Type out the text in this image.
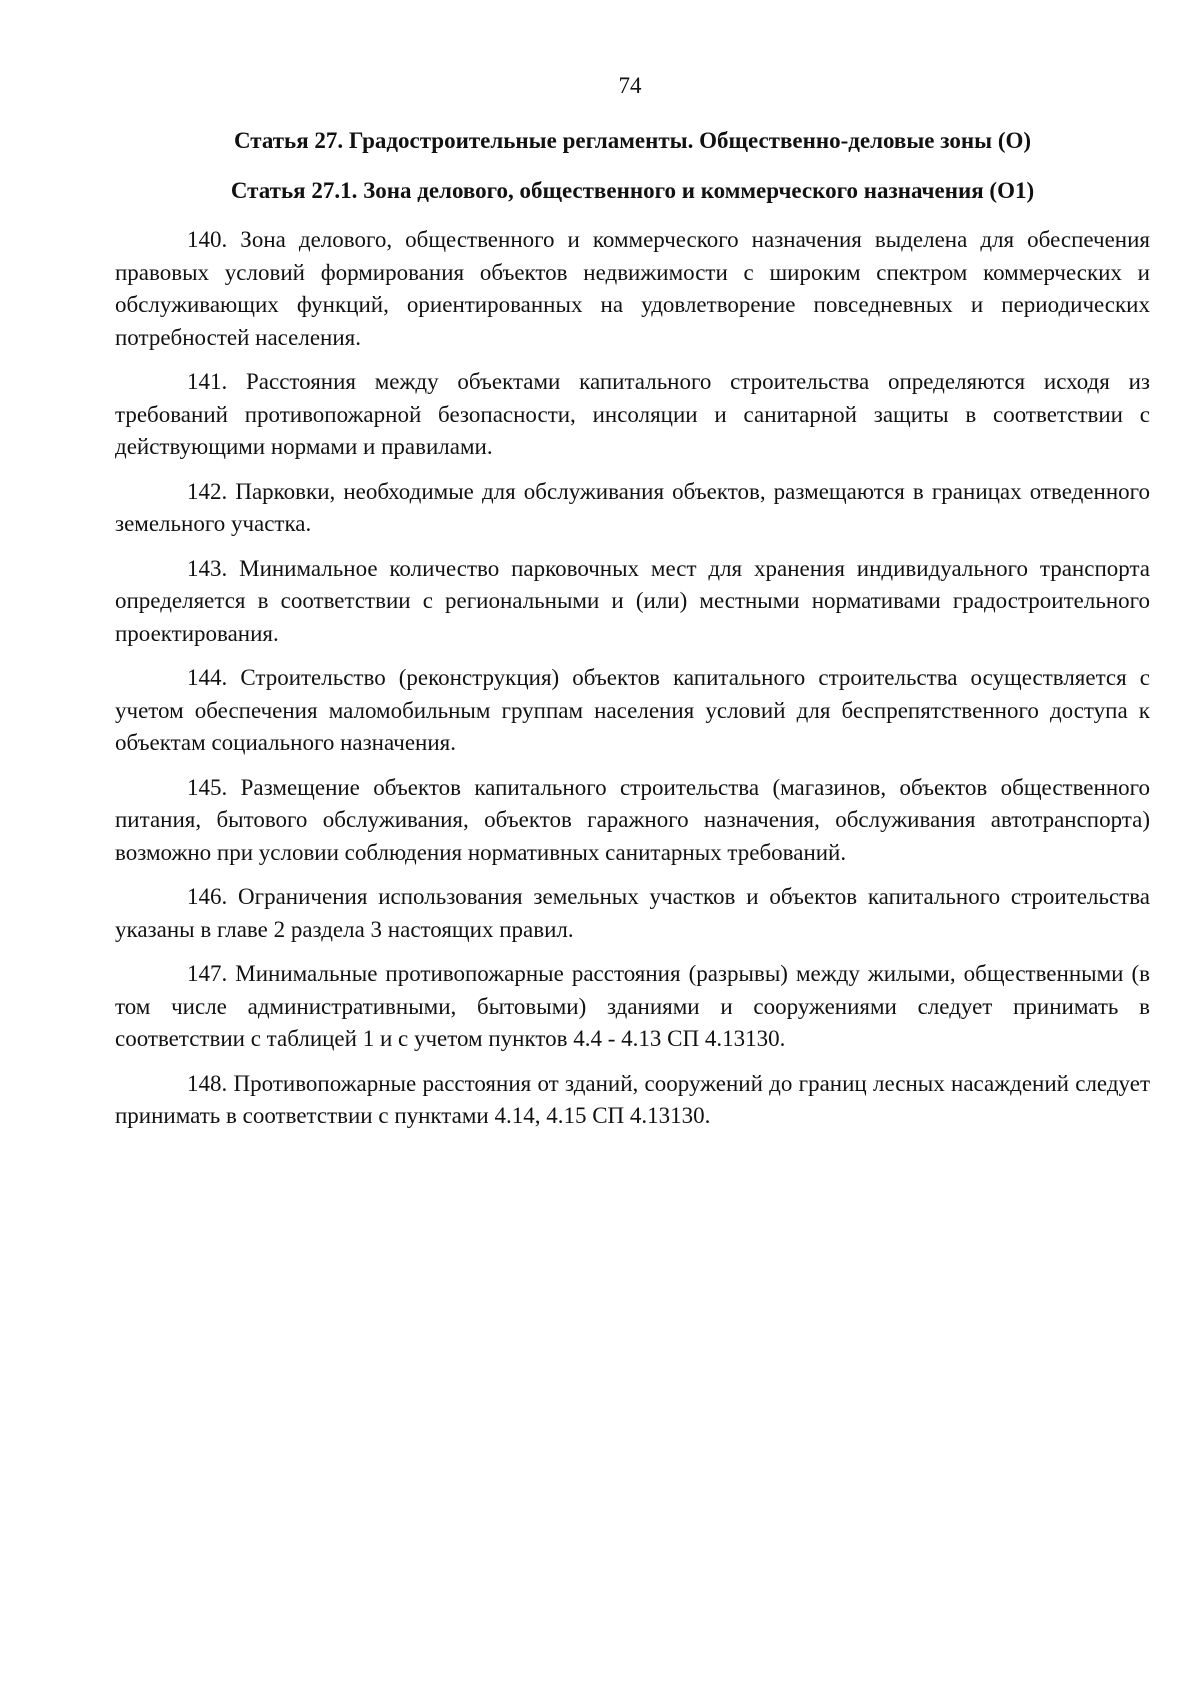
74

Статья 27. Градостроительные регламенты. Общественно-деловые зоны (О)

Статья 27.1. Зона делового, общественного и коммерческого назначения (О1)

140. Зона делового, общественного и коммерческого назначения выделена для обеспечения правовых условий формирования объектов недвижимости с широким спектром коммерческих и обслуживающих функций, ориентированных на удовлетворение повседневных и периодических потребностей населения.

141. Расстояния между объектами капитального строительства определяются исходя из требований противопожарной безопасности, инсоляции и санитарной защиты в соответствии с действующими нормами и правилами.

142. Парковки, необходимые для обслуживания объектов, размещаются в границах отведенного земельного участка.

143. Минимальное количество парковочных мест для хранения индивидуального транспорта определяется в соответствии с региональными и (или) местными нормативами градостроительного проектирования.

144. Строительство (реконструкция) объектов капитального строительства осуществляется с учетом обеспечения маломобильным группам населения условий для беспрепятственного доступа к объектам социального назначения.

145. Размещение объектов капитального строительства (магазинов, объектов общественного питания, бытового обслуживания, объектов гаражного назначения, обслуживания автотранспорта) возможно при условии соблюдения нормативных санитарных требований.

146. Ограничения использования земельных участков и объектов капитального строительства указаны в главе 2 раздела 3 настоящих правил.

147. Минимальные противопожарные расстояния (разрывы) между жилыми, общественными (в том числе административными, бытовыми) зданиями и сооружениями следует принимать в соответствии с таблицей 1 и с учетом пунктов 4.4 - 4.13 СП 4.13130.

148. Противопожарные расстояния от зданий, сооружений до границ лесных насаждений следует принимать в соответствии с пунктами 4.14, 4.15 СП 4.13130.
